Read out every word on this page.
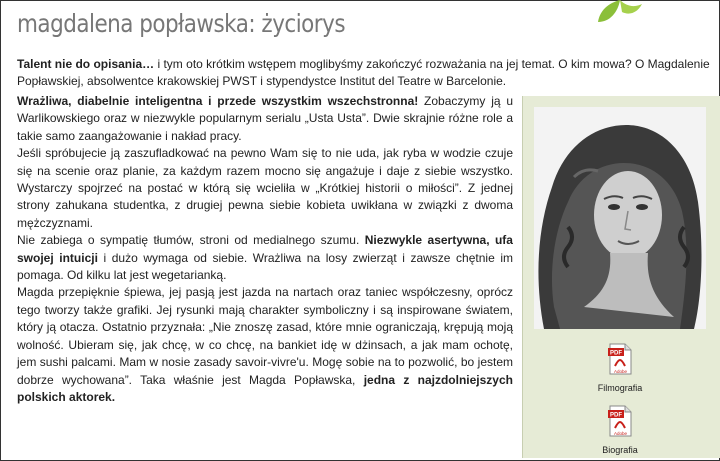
magdalena popławska: życiorys
Talent nie do opisania… i tym oto krótkim wstępem moglibyśmy zakończyć rozważania na jej temat. O kim mowa? O Magdalenie Popławskiej, absolwentce krakowskiej PWST i stypendystce Institut del Teatre w Barcelonie.
Wrażliwa, diabelnie inteligentna i przede wszystkim wszechstronna! Zobaczymy ją u Warlikowskiego oraz w niezwykle popularnym serialu „Usta Usta”. Dwie skrajnie różne role a takie samo zaangażowanie i nakład pracy.
Jeśli spróbujecie ją zaszufladkować na pewno Wam się to nie uda, jak ryba w wodzie czuje się na scenie oraz planie, za każdym razem mocno się angażuje i daje z siebie wszystko. Wystarczy spojrzeć na postać w którą się wcieliła w „Krótkiej historii o miłości”. Z jednej strony zahukana studentka, z drugiej pewna siebie kobieta uwikłana w związki z dwoma mężczyznami.
Nie zabiega o sympatię tłumów, stroni od medialnego szumu. Niezwykle asertywna, ufa swojej intuicji i dużo wymaga od siebie. Wrażliwa na losy zwierząt i zawsze chętnie im pomaga. Od kilku lat jest wegetarianką.
Magda przepięknie śpiewa, jej pasją jest jazda na nartach oraz taniec współczesny, oprócz tego tworzy także grafiki. Jej rysunki mają charakter symboliczny i są inspirowane światem, który ją otacza. Ostatnio przyznała: „Nie znoszę zasad, które mnie ograniczają, krępują moją wolność. Ubieram się, jak chcę, w co chcę, na bankiet idę w dżinsach, a jak mam ochotę, jem sushi palcami. Mam w nosie zasady savoir-vivre'u. Mogę sobie na to pozwolić, bo jestem dobrze wychowana”. Taka właśnie jest Magda Popławska, jedna z najzdolniejszych polskich aktorek.
PDF
Adobe
Filmografia
PDF
Adobe
Biografia
